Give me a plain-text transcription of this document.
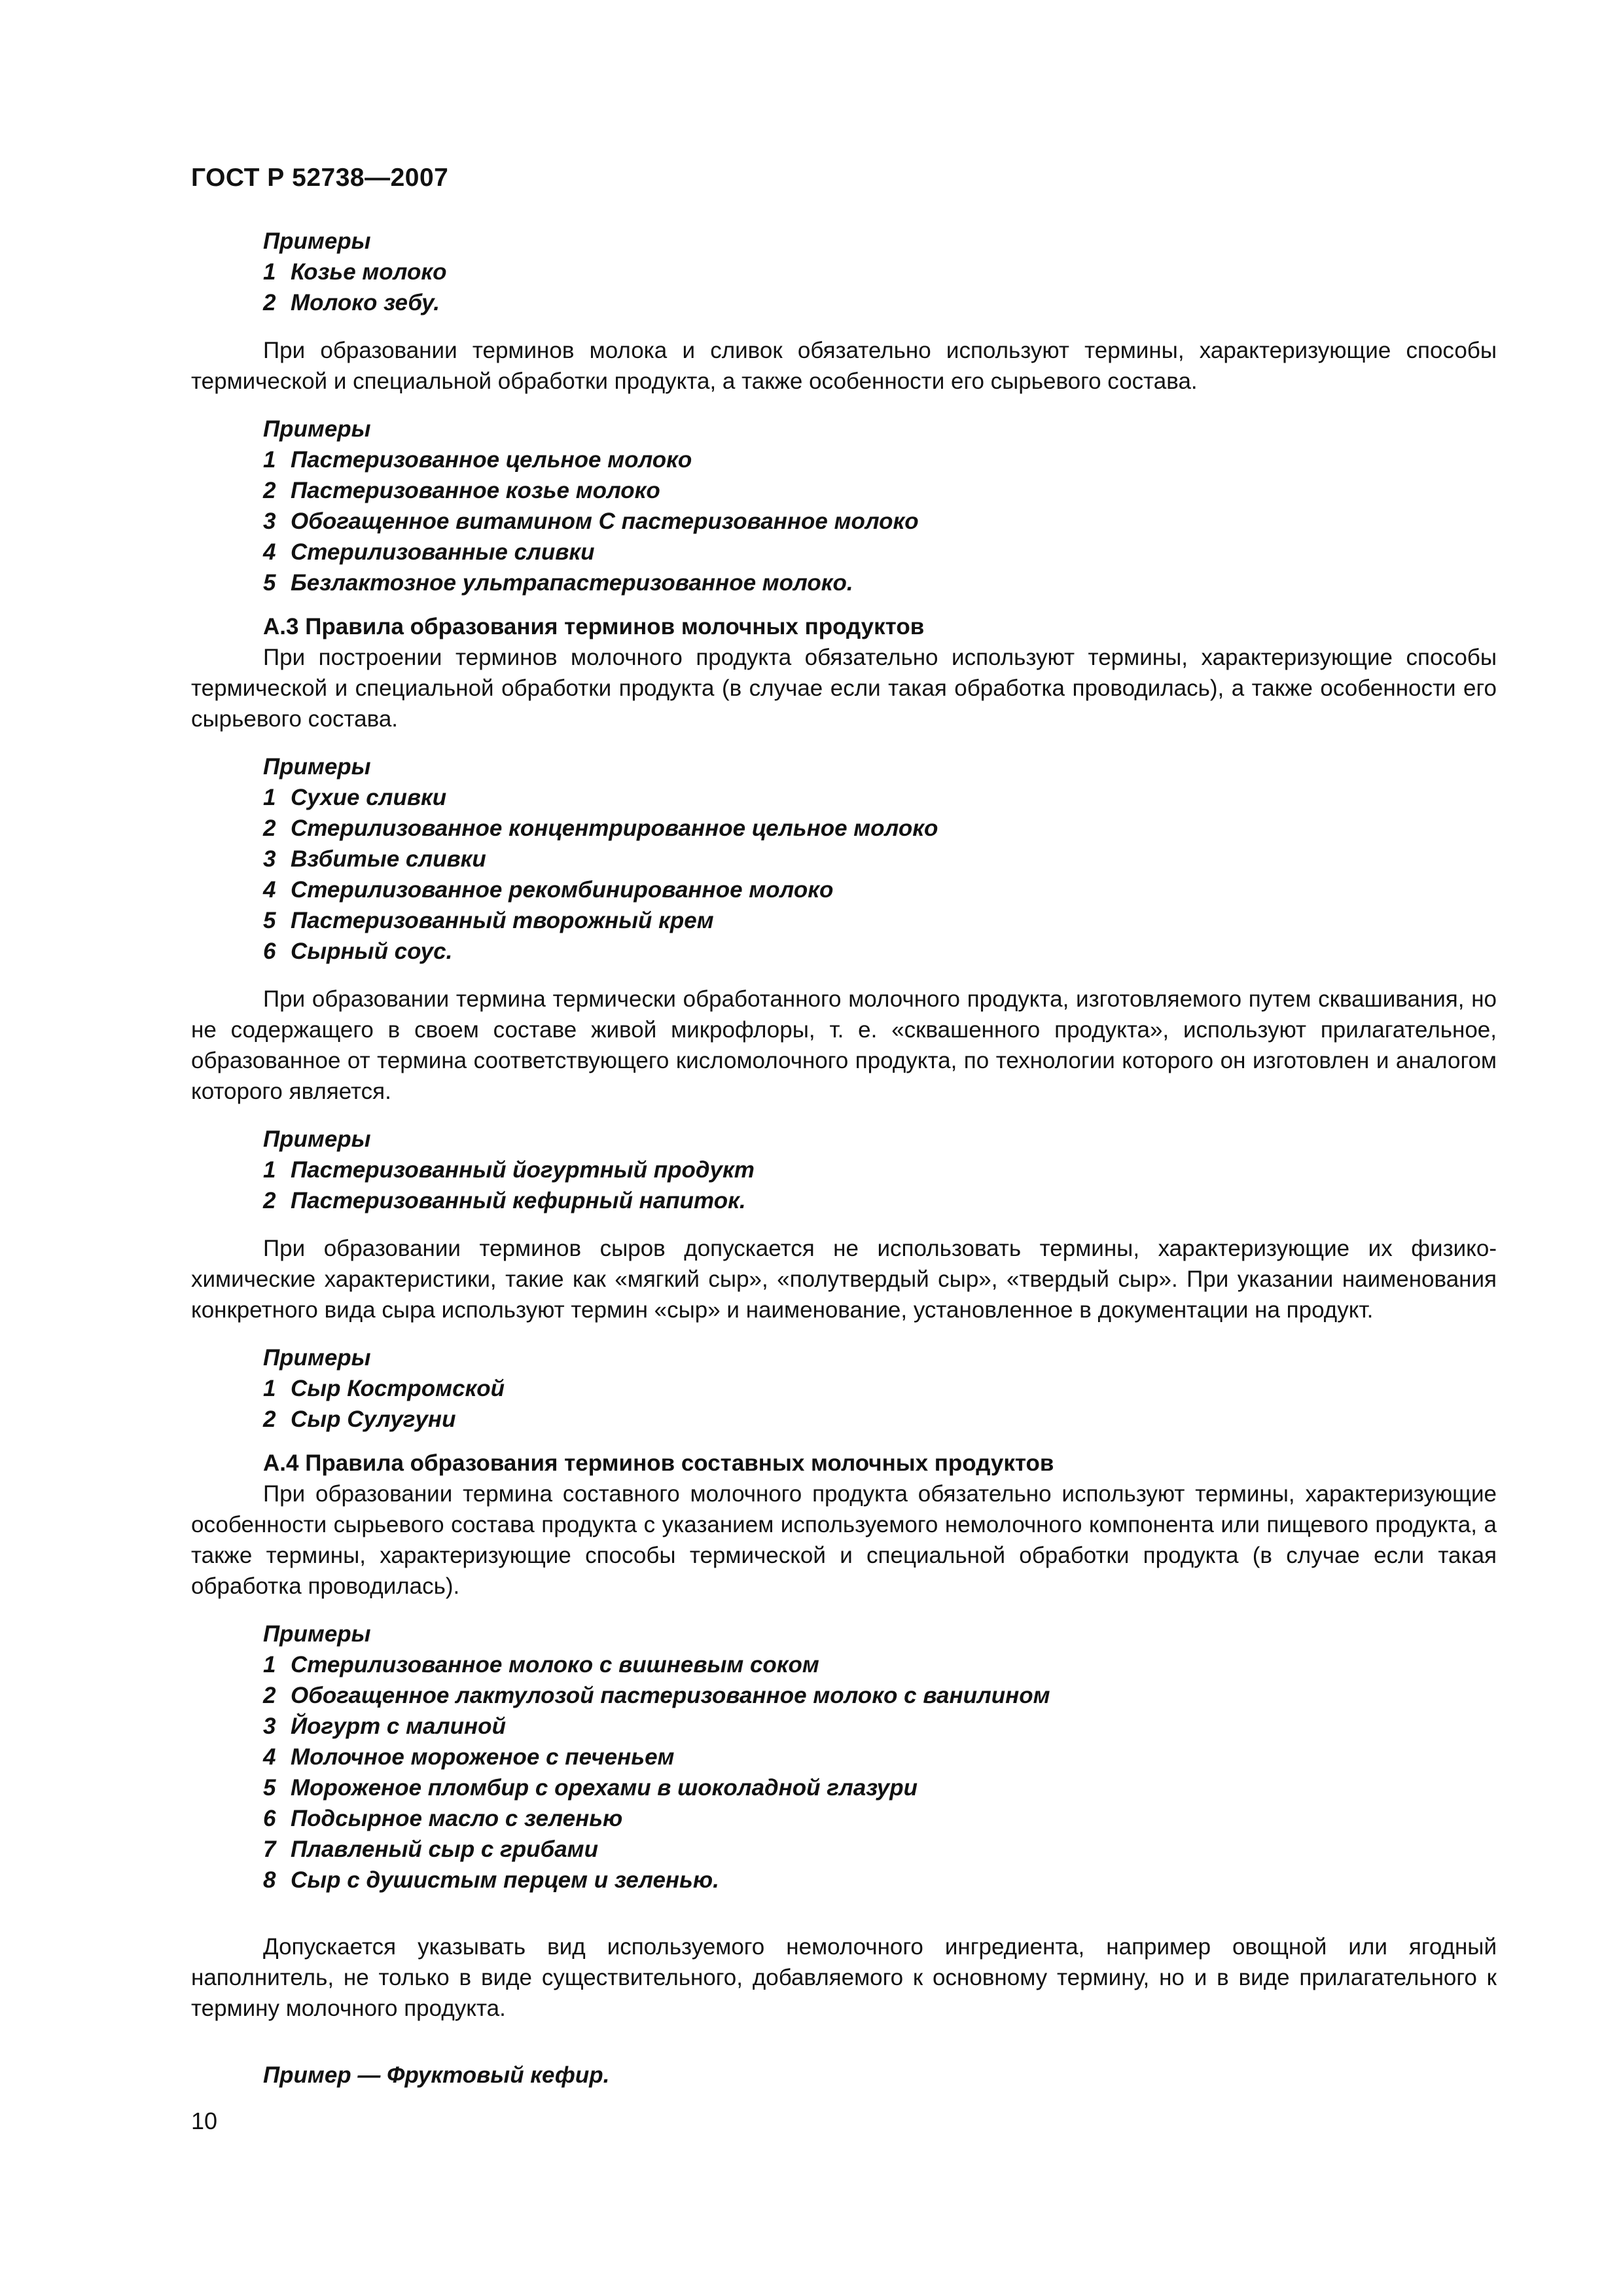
ГОСТ Р 52738—2007
Примеры
1 Козье молоко
2 Молоко зебу.

При образовании терминов молока и сливок обязательно используют термины, характеризующие способы термической и специальной обработки продукта, а также особенности его сырьевого состава.

Примеры
1 Пастеризованное цельное молоко
2 Пастеризованное козье молоко
3 Обогащенное витамином С пастеризованное молоко
4 Стерилизованные сливки
5 Безлактозное ультрапастеризованное молоко.

А.3 Правила образования терминов молочных продуктов

При построении терминов молочного продукта обязательно используют термины, характеризующие способы термической и специальной обработки продукта (в случае если такая обработка проводилась), а также особенности его сырьевого состава.

Примеры
1 Сухие сливки
2 Стерилизованное концентрированное цельное молоко
3 Взбитые сливки
4 Стерилизованное рекомбинированное молоко
5 Пастеризованный творожный крем
6 Сырный соус.

При образовании термина термически обработанного молочного продукта, изготовляемого путем сквашивания, но не содержащего в своем составе живой микрофлоры, т. е. «сквашенного продукта», используют прилагательное, образованное от термина соответствующего кисломолочного продукта, по технологии которого он изготовлен и аналогом которого является.

Примеры
1 Пастеризованный йогуртный продукт
2 Пастеризованный кефирный напиток.

При образовании терминов сыров допускается не использовать термины, характеризующие их физико-химические характеристики, такие как «мягкий сыр», «полутвердый сыр», «твердый сыр». При указании наименования конкретного вида сыра используют термин «сыр» и наименование, установленное в документации на продукт.

Примеры
1 Сыр Костромской
2 Сыр Сулугуни

А.4 Правила образования терминов составных молочных продуктов

При образовании термина составного молочного продукта обязательно используют термины, характеризующие особенности сырьевого состава продукта с указанием используемого немолочного компонента или пищевого продукта, а также термины, характеризующие способы термической и специальной обработки продукта (в случае если такая обработка проводилась).

Примеры
1 Стерилизованное молоко с вишневым соком
2 Обогащенное лактулозой пастеризованное молоко с ванилином
3 Йогурт с малиной
4 Молочное мороженое с печеньем
5 Мороженое пломбир с орехами в шоколадной глазури
6 Подсырное масло с зеленью
7 Плавленый сыр с грибами
8 Сыр с душистым перцем и зеленью.

Допускается указывать вид используемого немолочного ингредиента, например овощной или ягодный наполнитель, не только в виде существительного, добавляемого к основному термину, но и в виде прилагательного к термину молочного продукта.

Пример — Фруктовый кефир.
10
